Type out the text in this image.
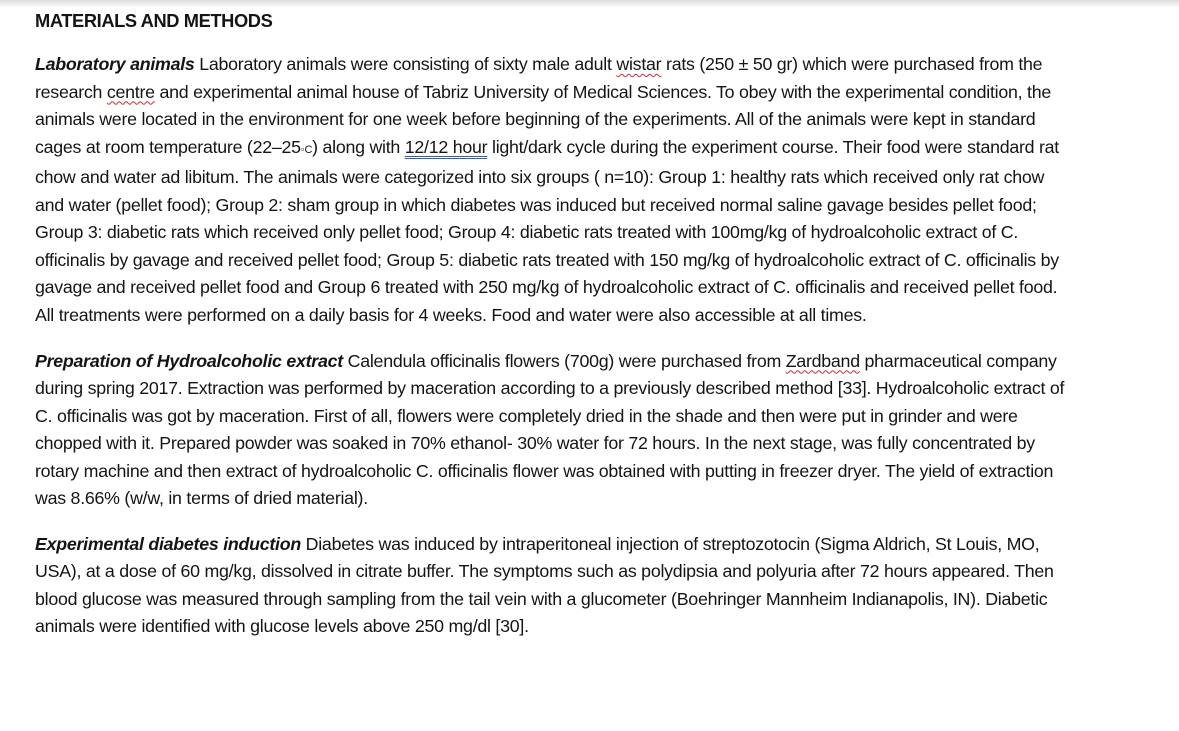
MATERIALS AND METHODS

Laboratory animals Laboratory animals were consisting of sixty male adult wistar rats (250 ± 50 gr) which were purchased from the research centre and experimental animal house of Tabriz University of Medical Sciences. To obey with the experimental condition, the animals were located in the environment for one week before beginning of the experiments. All of the animals were kept in standard cages at room temperature (22–25◦C) along with 12/12 hour light/dark cycle during the experiment course. Their food were standard rat chow and water ad libitum. The animals were categorized into six groups ( n=10): Group 1: healthy rats which received only rat chow and water (pellet food); Group 2: sham group in which diabetes was induced but received normal saline gavage besides pellet food; Group 3: diabetic rats which received only pellet food; Group 4: diabetic rats treated with 100mg/kg of hydroalcoholic extract of C. officinalis by gavage and received pellet food; Group 5: diabetic rats treated with 150 mg/kg of hydroalcoholic extract of C. officinalis by gavage and received pellet food and Group 6 treated with 250 mg/kg of hydroalcoholic extract of C. officinalis and received pellet food. All treatments were performed on a daily basis for 4 weeks. Food and water were also accessible at all times.

Preparation of Hydroalcoholic extract Calendula officinalis flowers (700g) were purchased from Zardband pharmaceutical company during spring 2017. Extraction was performed by maceration according to a previously described method [33]. Hydroalcoholic extract of C. officinalis was got by maceration. First of all, flowers were completely dried in the shade and then were put in grinder and were chopped with it. Prepared powder was soaked in 70% ethanol- 30% water for 72 hours. In the next stage, was fully concentrated by rotary machine and then extract of hydroalcoholic C. officinalis flower was obtained with putting in freezer dryer. The yield of extraction was 8.66% (w/w, in terms of dried material).

Experimental diabetes induction Diabetes was induced by intraperitoneal injection of streptozotocin (Sigma Aldrich, St Louis, MO, USA), at a dose of 60 mg/kg, dissolved in citrate buffer. The symptoms such as polydipsia and polyuria after 72 hours appeared. Then blood glucose was measured through sampling from the tail vein with a glucometer (Boehringer Mannheim Indianapolis, IN). Diabetic animals were identified with glucose levels above 250 mg/dl [30].
